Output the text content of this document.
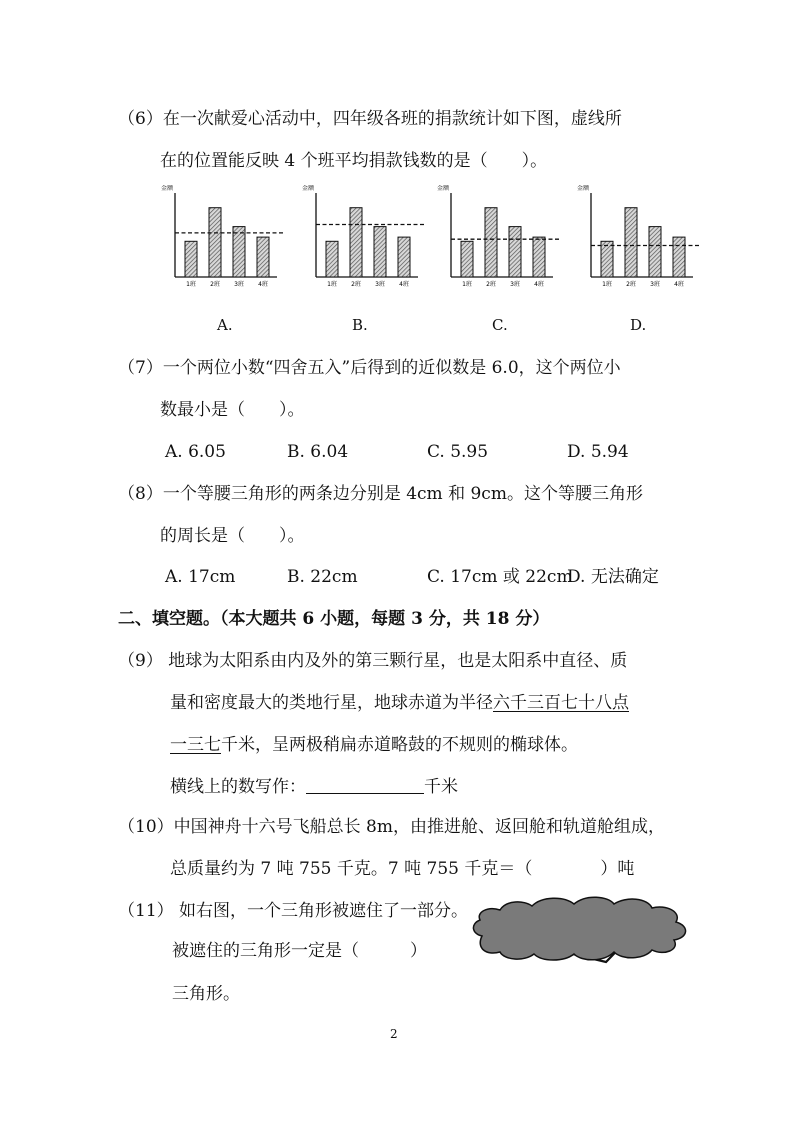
（6）在一次献爱心活动中，四年级各班的捐款统计如下图，虚线所
在的位置能反映 4 个班平均捐款钱数的是（　　）。
金额
1班 2班 3班 4班
金额
1班 2班 3班 4班
金额
1班 2班 3班 4班
金额
1班 2班 3班 4班
A.	B.	C.	D.
（7）一个两位小数“四舍五入”后得到的近似数是 6.0，这个两位小
数最小是（　　）。
A. 6.05	B. 6.04	C. 5.95	D. 5.94
（8）一个等腰三角形的两条边分别是 4cm 和 9cm。这个等腰三角形
的周长是（　　）。
A. 17cm	B. 22cm	C. 17cm 或 22cm
D. 无法确定
二、填空题。（本大题共 6 小题，每题 3 分，共 18 分）
（9） 地球为太阳系由内及外的第三颗行星，也是太阳系中直径、质
量和密度最大的类地行星，地球赤道为半径六千三百七十八点
一三七千米，呈两极稍扁赤道略鼓的不规则的椭球体。
横线上的数写作：	千米
（10）中国神舟十六号飞船总长 8m，由推进舱、返回舱和轨道舱组成，
总质量约为 7 吨 755 千克。7 吨 755 千克＝（　　　　）吨
（11） 如右图，一个三角形被遮住了一部分。
被遮住的三角形一定是（　　　）
三角形。
2
